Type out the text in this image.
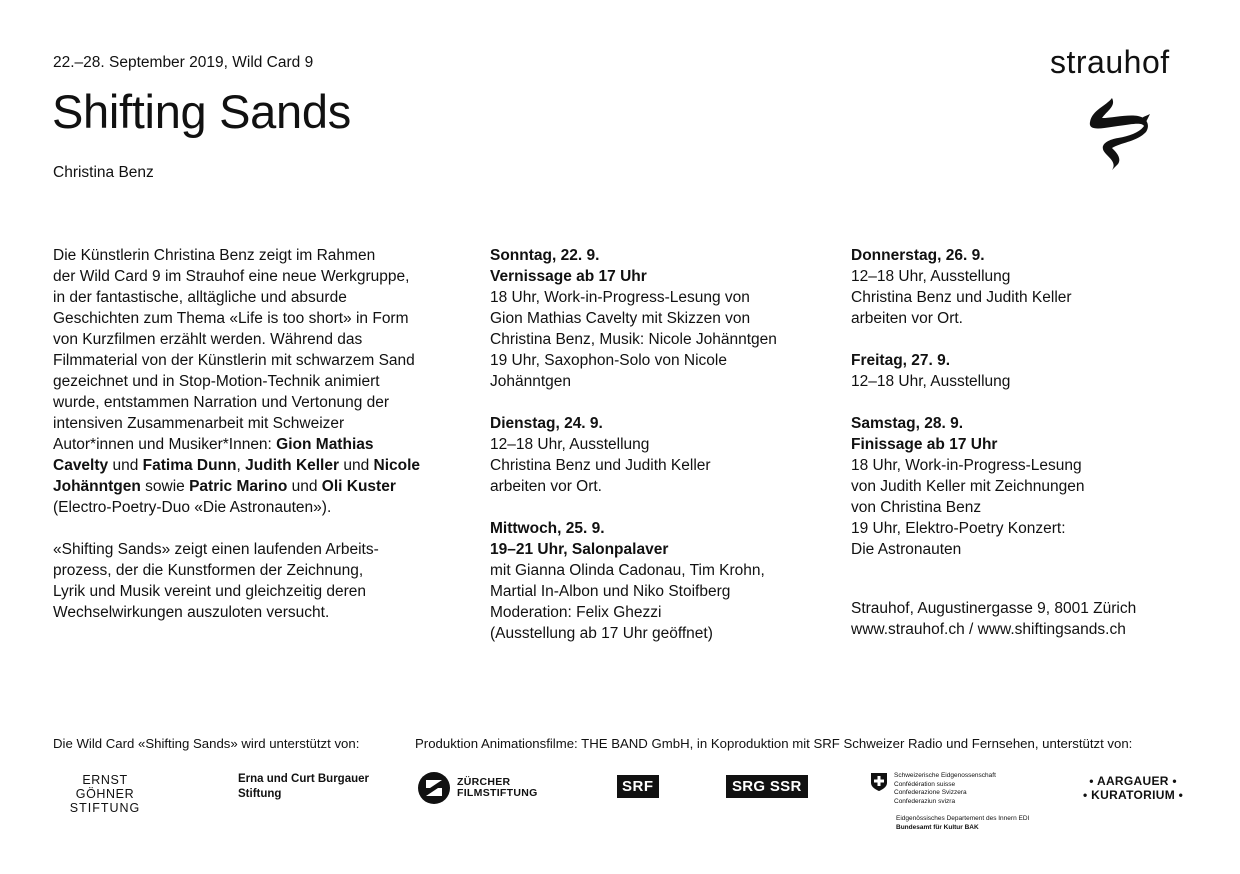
22.–28. September 2019, Wild Card 9
Shifting Sands
Christina Benz
strauhof

Die Künstlerin Christina Benz zeigt im Rahmen
der Wild Card 9 im Strauhof eine neue Werkgruppe,
in der fantastische, alltägliche und absurde
Geschichten zum Thema «Life is too short» in Form
von Kurzfilmen erzählt werden. Während das
Filmmaterial von der Künstlerin mit schwarzem Sand
gezeichnet und in Stop-Motion-Technik animiert
wurde, entstammen Narration und Vertonung der
intensiven Zusammenarbeit mit Schweizer
Autor*innen und Musiker*Innen: Gion Mathias
Cavelty und Fatima Dunn, Judith Keller und Nicole
Johänntgen sowie Patric Marino und Oli Kuster
(Electro-Poetry-Duo «Die Astronauten»).

«Shifting Sands» zeigt einen laufenden Arbeits-
prozess, der die Kunstformen der Zeichnung,
Lyrik und Musik vereint und gleichzeitig deren
Wechselwirkungen auszuloten versucht.

Sonntag, 22. 9.
Vernissage ab 17 Uhr
18 Uhr, Work-in-Progress-Lesung von
Gion Mathias Cavelty mit Skizzen von
Christina Benz, Musik: Nicole Johänntgen
19 Uhr, Saxophon-Solo von Nicole
Johänntgen

Dienstag, 24. 9.
12–18 Uhr, Ausstellung
Christina Benz und Judith Keller
arbeiten vor Ort.

Mittwoch, 25. 9.
19–21 Uhr, Salonpalaver
mit Gianna Olinda Cadonau, Tim Krohn,
Martial In-Albon und Niko Stoifberg
Moderation: Felix Ghezzi
(Ausstellung ab 17 Uhr geöffnet)

Donnerstag, 26. 9.
12–18 Uhr, Ausstellung
Christina Benz und Judith Keller
arbeiten vor Ort.

Freitag, 27. 9.
12–18 Uhr, Ausstellung

Samstag, 28. 9.
Finissage ab 17 Uhr
18 Uhr, Work-in-Progress-Lesung
von Judith Keller mit Zeichnungen
von Christina Benz
19 Uhr, Elektro-Poetry Konzert:
Die Astronauten

Strauhof, Augustinergasse 9, 8001 Zürich
www.strauhof.ch / www.shiftingsands.ch
Die Wild Card «Shifting Sands» wird unterstützt von:	Produktion Animationsfilme: THE BAND GmbH, in Koproduktion mit SRF Schweizer Radio und Fernsehen, unterstützt von:
ERNST GÖHNER
STIFTUNG
Erna und Curt Burgauer
Stiftung
ZÜRCHER
FILMSTIFTUNG	SRF	SRG SSR
Schweizerische Eidgenossenschaft
Confédération suisse
Confederazione Svizzera
Confederaziun svizra
Eidgenössisches Departement des Innern EDI
Bundesamt für Kultur BAK
• AARGAUER •
• KURATORIUM •
